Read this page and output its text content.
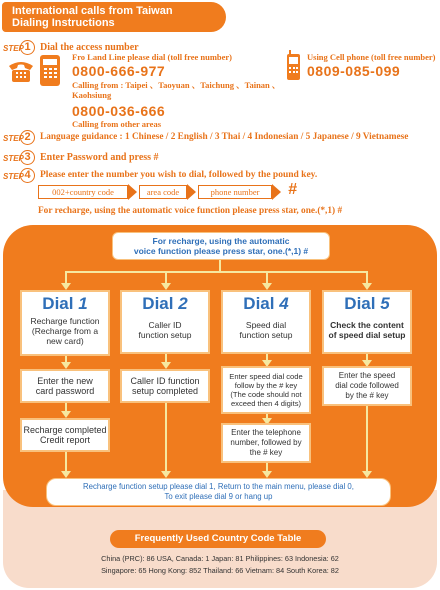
International calls from Taiwan
Dialing Instructions
STEP 1 Dial the access number
Fro Land Line please dial (toll free number)
0800-666-977
Calling from : Taipei 、Taoyuan 、Taichung 、Tainan 、
Kaohsiung
0800-036-666
Calling from other areas
Using Cell phone (toll free number)
0809-085-099
STEP 2	Language guidance : 1 Chinese / 2 English / 3 Thai / 4 Indonesian / 5 Japanese / 9 Vietnamese
STEP 3 Enter Password and press #
STEP 4 Please enter the number you wish to dial, followed by the pound key.
002+country code	area code	phone number	#
For recharge, using the automatic voice function please press star, one.(*,1) #
For recharge, using the automatic
voice function please press star, one.(*,1) #
Dial 1
Recharge function
(Recharge from a
new card)
Dial 2
Caller ID
function setup
Dial 4
Speed dial
function setup
Dial 5
Check the content
of speed dial setup
Enter the new
card password
Recharge completed
Credit report
Caller ID function
setup completed
Enter speed dial code
follow by the # key
(The code should not
exceed then 4 digits)
Enter the telephone
number, followed by
the # key
Enter the speed
dial code followed
by the # key
Recharge function setup please dial 1, Return to the main menu, please dial 0,
To exit please dial 9 or hang up
Frequently Used Country Code Table
China (PRC): 86 USA, Canada: 1 Japan: 81 Philippines: 63 Indonesia: 62
Singapore: 65 Hong Kong: 852 Thailand: 66 Vietnam: 84 South Korea: 82
